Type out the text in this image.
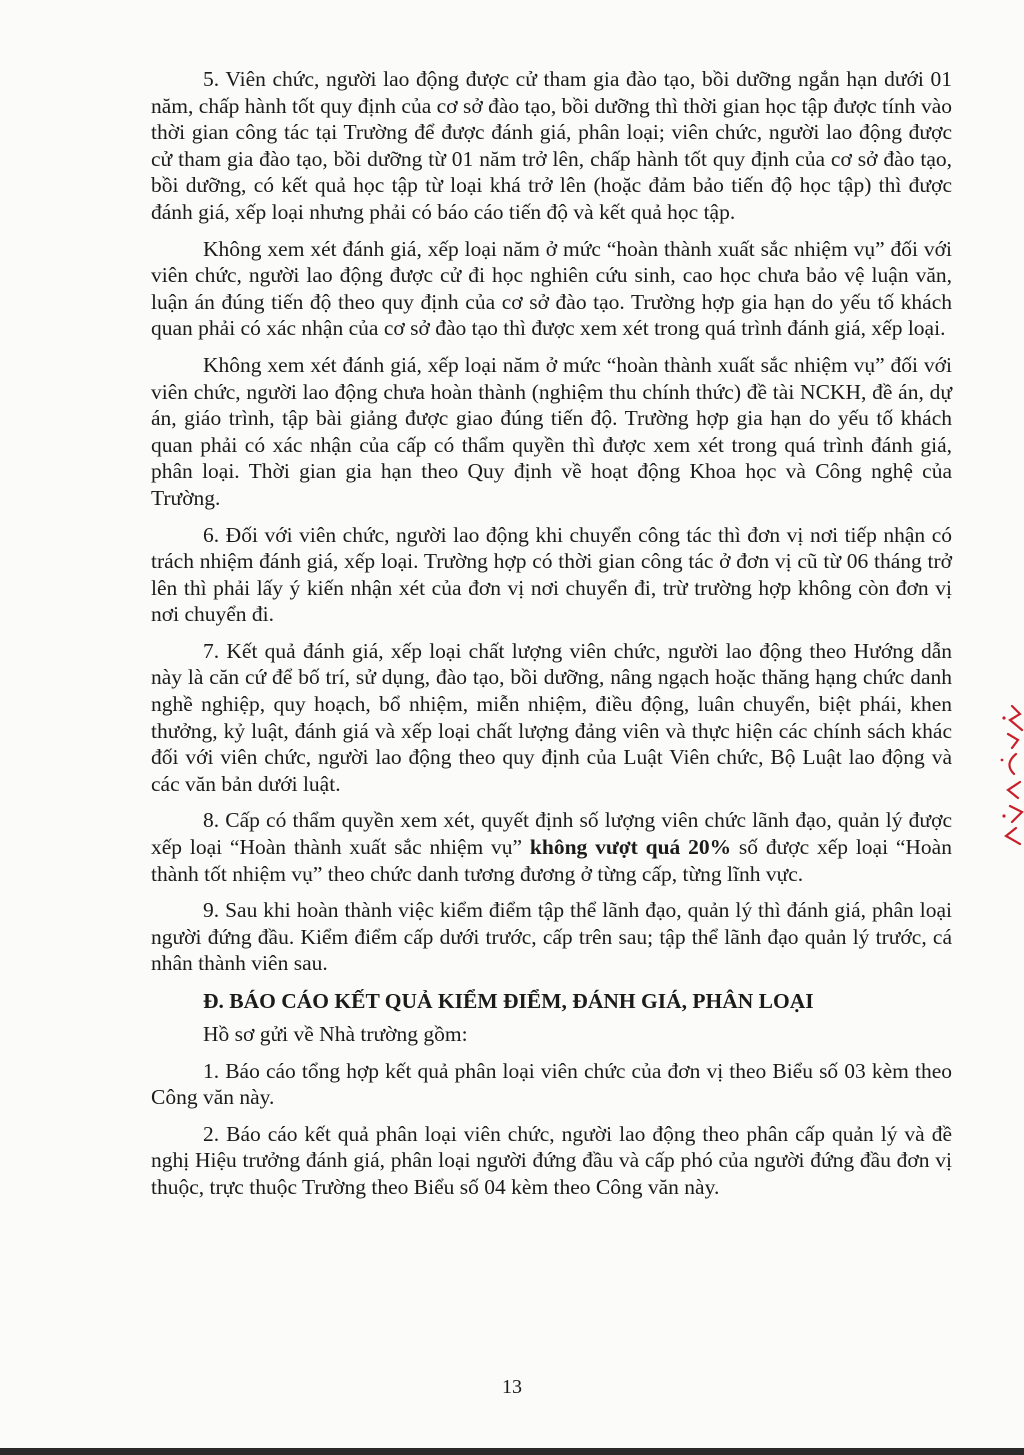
5. Viên chức, người lao động được cử tham gia đào tạo, bồi dưỡng ngắn hạn dưới 01 năm, chấp hành tốt quy định của cơ sở đào tạo, bồi dưỡng thì thời gian học tập được tính vào thời gian công tác tại Trường để được đánh giá, phân loại; viên chức, người lao động được cử tham gia đào tạo, bồi dưỡng từ 01 năm trở lên, chấp hành tốt quy định của cơ sở đào tạo, bồi dưỡng, có kết quả học tập từ loại khá trở lên (hoặc đảm bảo tiến độ học tập) thì được đánh giá, xếp loại nhưng phải có báo cáo tiến độ và kết quả học tập.

Không xem xét đánh giá, xếp loại năm ở mức “hoàn thành xuất sắc nhiệm vụ” đối với viên chức, người lao động được cử đi học nghiên cứu sinh, cao học chưa bảo vệ luận văn, luận án đúng tiến độ theo quy định của cơ sở đào tạo. Trường hợp gia hạn do yếu tố khách quan phải có xác nhận của cơ sở đào tạo thì được xem xét trong quá trình đánh giá, xếp loại.

Không xem xét đánh giá, xếp loại năm ở mức “hoàn thành xuất sắc nhiệm vụ” đối với viên chức, người lao động chưa hoàn thành (nghiệm thu chính thức) đề tài NCKH, đề án, dự án, giáo trình, tập bài giảng được giao đúng tiến độ. Trường hợp gia hạn do yếu tố khách quan phải có xác nhận của cấp có thẩm quyền thì được xem xét trong quá trình đánh giá, phân loại. Thời gian gia hạn theo Quy định về hoạt động Khoa học và Công nghệ của Trường.

6. Đối với viên chức, người lao động khi chuyển công tác thì đơn vị nơi tiếp nhận có trách nhiệm đánh giá, xếp loại. Trường hợp có thời gian công tác ở đơn vị cũ từ 06 tháng trở lên thì phải lấy ý kiến nhận xét của đơn vị nơi chuyển đi, trừ trường hợp không còn đơn vị nơi chuyển đi.

7. Kết quả đánh giá, xếp loại chất lượng viên chức, người lao động theo Hướng dẫn này là căn cứ để bố trí, sử dụng, đào tạo, bồi dưỡng, nâng ngạch hoặc thăng hạng chức danh nghề nghiệp, quy hoạch, bổ nhiệm, miễn nhiệm, điều động, luân chuyển, biệt phái, khen thưởng, kỷ luật, đánh giá và xếp loại chất lượng đảng viên và thực hiện các chính sách khác đối với viên chức, người lao động theo quy định của Luật Viên chức, Bộ Luật lao động và các văn bản dưới luật.

8. Cấp có thẩm quyền xem xét, quyết định số lượng viên chức lãnh đạo, quản lý được xếp loại “Hoàn thành xuất sắc nhiệm vụ” không vượt quá 20% số được xếp loại “Hoàn thành tốt nhiệm vụ” theo chức danh tương đương ở từng cấp, từng lĩnh vực.

9. Sau khi hoàn thành việc kiểm điểm tập thể lãnh đạo, quản lý thì đánh giá, phân loại người đứng đầu. Kiểm điểm cấp dưới trước, cấp trên sau; tập thể lãnh đạo quản lý trước, cá nhân thành viên sau.

Đ. BÁO CÁO KẾT QUẢ KIỂM ĐIỂM, ĐÁNH GIÁ, PHÂN LOẠI

Hồ sơ gửi về Nhà trường gồm:

1. Báo cáo tổng hợp kết quả phân loại viên chức của đơn vị theo Biểu số 03 kèm theo Công văn này.

2. Báo cáo kết quả phân loại viên chức, người lao động theo phân cấp quản lý và đề nghị Hiệu trưởng đánh giá, phân loại người đứng đầu và cấp phó của người đứng đầu đơn vị thuộc, trực thuộc Trường theo Biểu số 04 kèm theo Công văn này.

13
